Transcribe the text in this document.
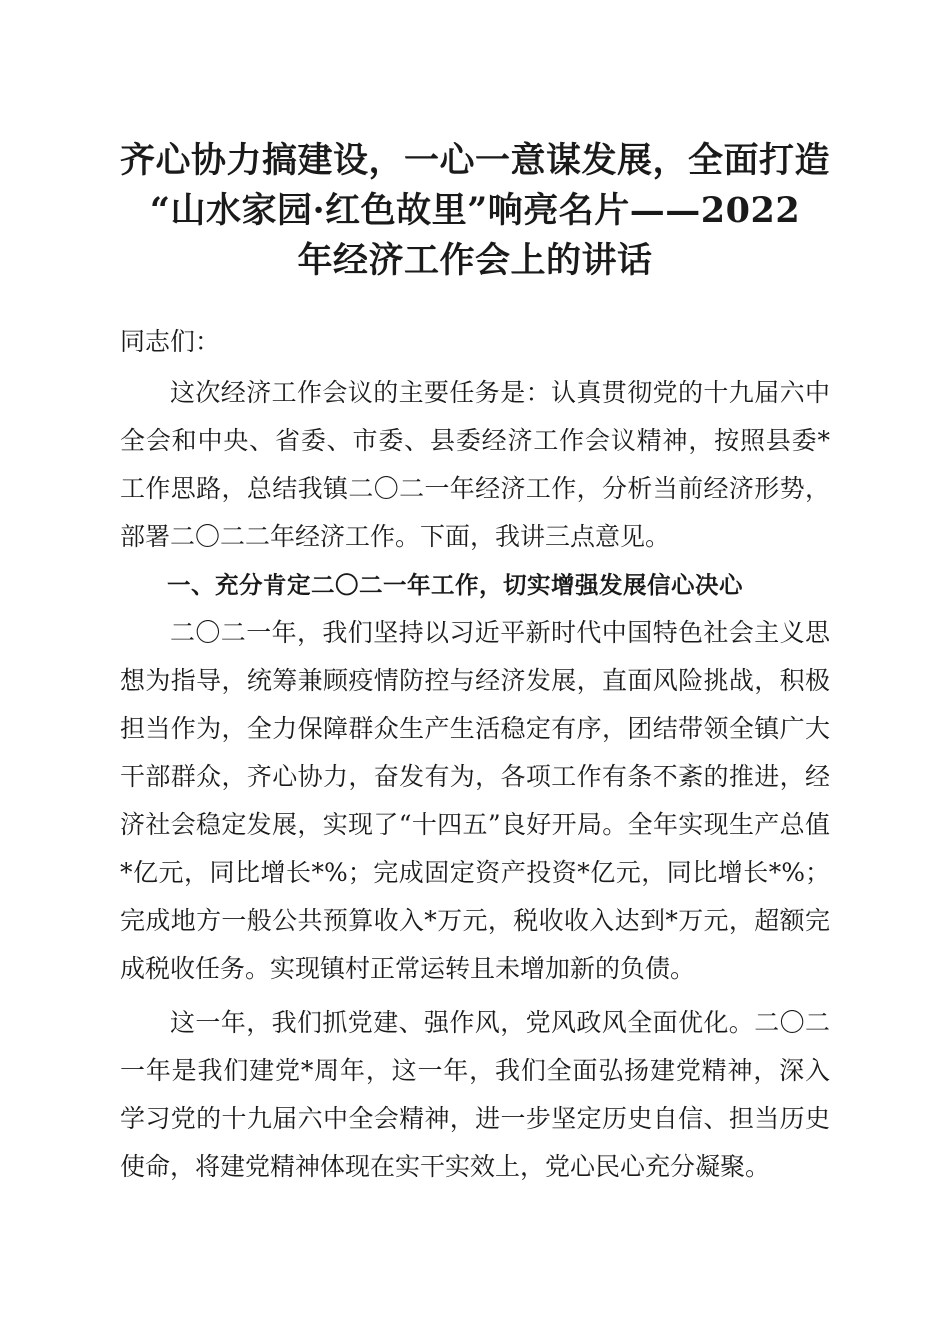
齐心协力搞建设，一心一意谋发展，全面打造
“山水家园·红色故里”响亮名片——2022
年经济工作会上的讲话

同志们：

这次经济工作会议的主要任务是：认真贯彻党的十九届六中全会和中央、省委、市委、县委经济工作会议精神，按照县委*工作思路，总结我镇二〇二一年经济工作，分析当前经济形势，部署二〇二二年经济工作。下面，我讲三点意见。

一、充分肯定二〇二一年工作，切实增强发展信心决心

二〇二一年，我们坚持以习近平新时代中国特色社会主义思想为指导，统筹兼顾疫情防控与经济发展，直面风险挑战，积极担当作为，全力保障群众生产生活稳定有序，团结带领全镇广大干部群众，齐心协力，奋发有为，各项工作有条不紊的推进，经济社会稳定发展，实现了“十四五”良好开局。全年实现生产总值*亿元，同比增长*%；完成固定资产投资*亿元，同比增长*%；完成地方一般公共预算收入*万元，税收收入达到*万元，超额完成税收任务。实现镇村正常运转且未增加新的负债。

这一年，我们抓党建、强作风，党风政风全面优化。二〇二一年是我们建党*周年，这一年，我们全面弘扬建党精神，深入学习党的十九届六中全会精神，进一步坚定历史自信、担当历史使命，将建党精神体现在实干实效上，党心民心充分凝聚。
